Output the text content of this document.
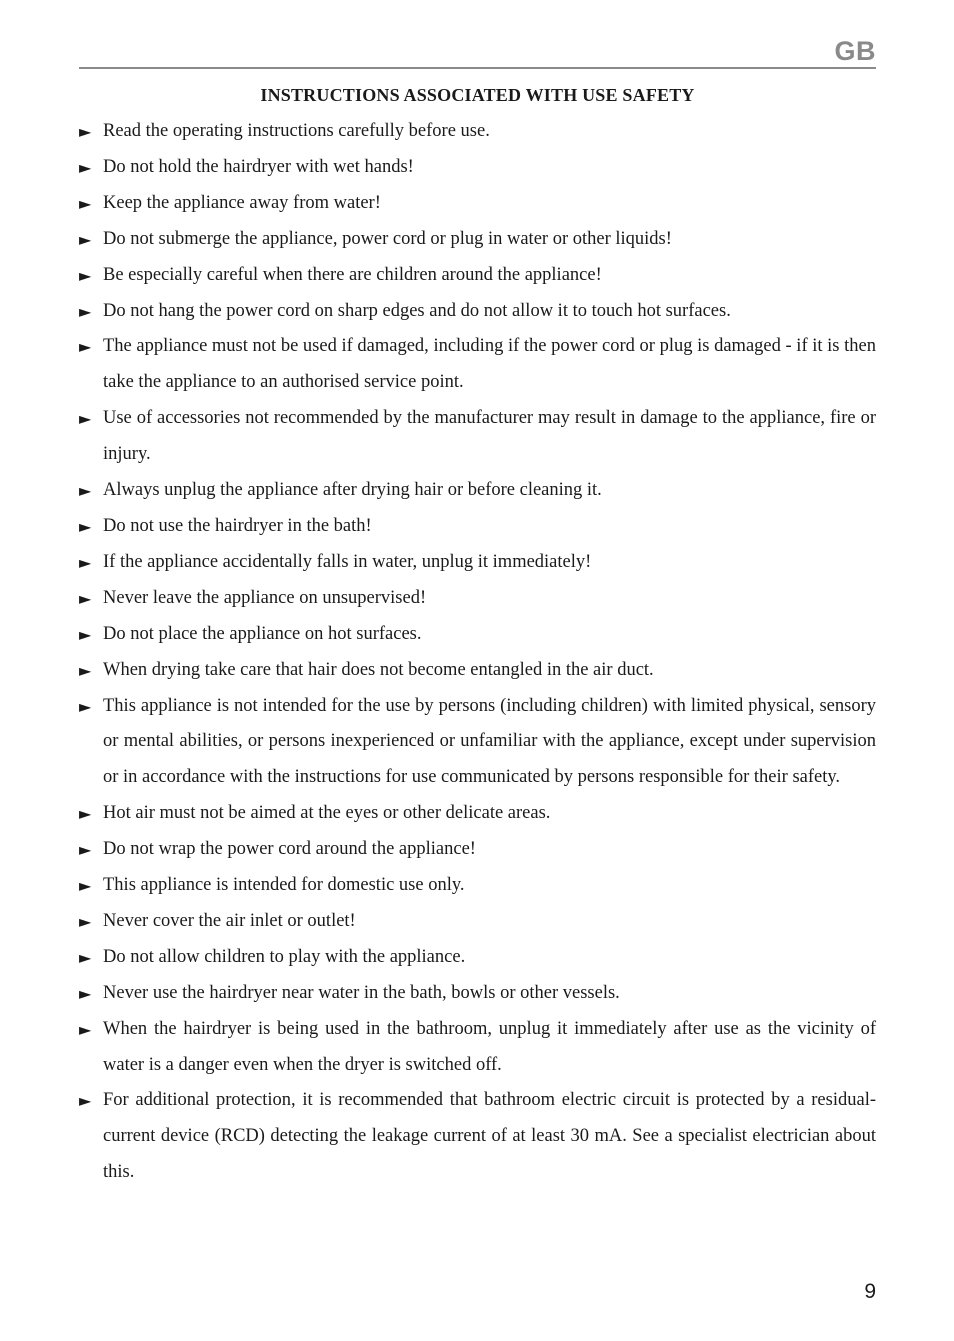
GB
INSTRUCTIONS ASSOCIATED WITH USE SAFETY
► Read the operating instructions carefully before use.
► Do not hold the hairdryer with wet hands!
► Keep the appliance away from water!
► Do not submerge the appliance, power cord or plug in water or other liquids!
► Be especially careful when there are children around the appliance!
► Do not hang the power cord on sharp edges and do not allow it to touch hot surfaces.
► The appliance must not be used if damaged, including if the power cord or plug is damaged - if it is then take the appliance to an authorised service point.
► Use of accessories not recommended by the manufacturer may result in damage to the appliance, fire or injury.
► Always unplug the appliance after drying hair or before cleaning it.
► Do not use the hairdryer in the bath!
► If the appliance accidentally falls in water, unplug it immediately!
► Never leave the appliance on unsupervised!
► Do not place the appliance on hot surfaces.
► When drying take care that hair does not become entangled in the air duct.
► This appliance is not intended for the use by persons (including children) with limited physical, sensory or mental abilities, or persons inexperienced or unfamiliar with the appliance, except under supervision or in accordance with the instructions for use communicated by persons responsible for their safety.
► Hot air must not be aimed at the eyes or other delicate areas.
► Do not wrap the power cord around the appliance!
► This appliance is intended for domestic use only.
► Never cover the air inlet or outlet!
► Do not allow children to play with the appliance.
► Never use the hairdryer near water in the bath, bowls or other vessels.
► When the hairdryer is being used in the bathroom, unplug it immediately after use as the vicinity of water is a danger even when the dryer is switched off.
► For additional protection, it is recommended that bathroom electric circuit is protected by a residual-current device (RCD) detecting the leakage current of at least 30 mA. See a specialist electrician about this.
9
